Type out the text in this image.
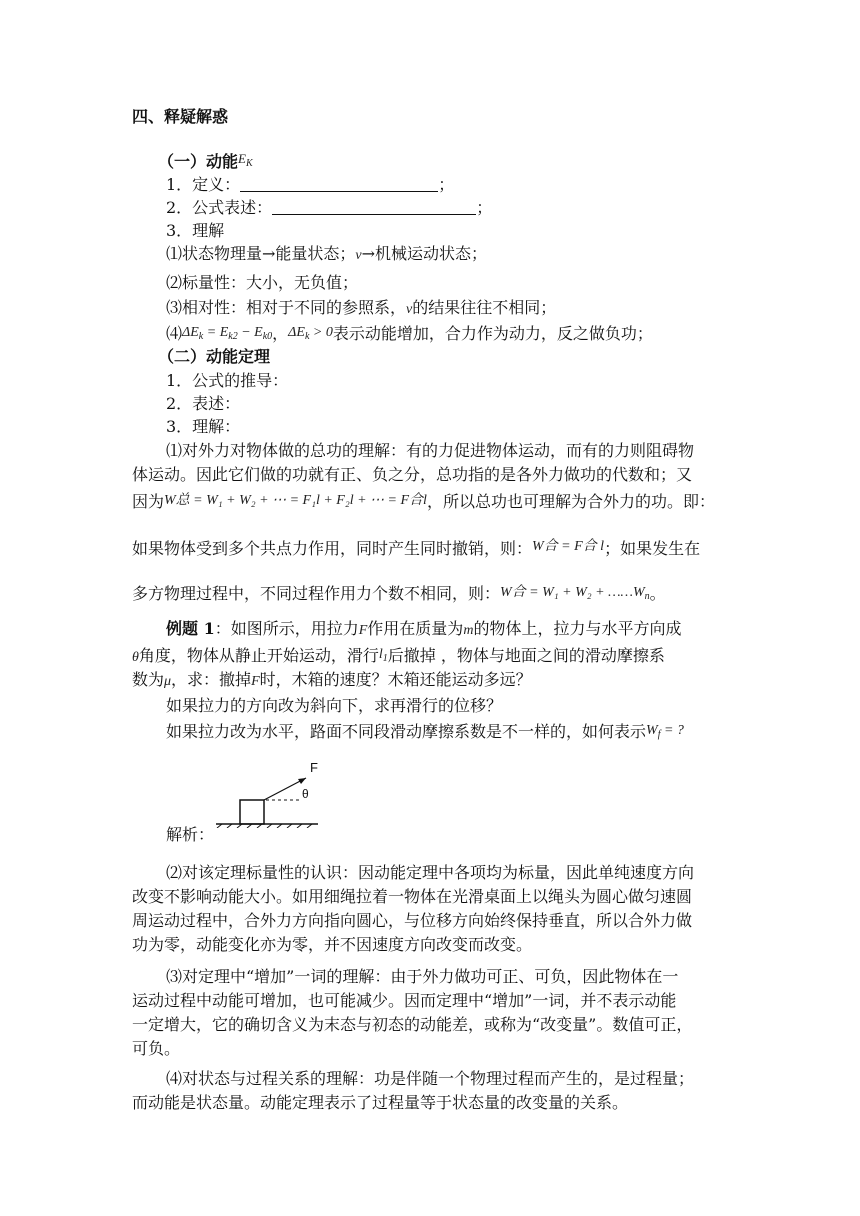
四、释疑解惑
（一）动能$^{E_K}$
1．定义：	；
2．公式表述：	；
3．理解
⑴状态物理量→能量状态；v→机械运动状态；
⑵标量性：大小，无负值；
⑶相对性：相对于不同的参照系，v的结果往往不相同；
$⑷\Delta E_k = E_{k2} - E_{k0}$，$\Delta E_k > 0$表示动能增加，合力作为动力，反之做负功；
（二）动能定理
1．公式的推导：
2．表述：
3．理解：
⑴对外力对物体做的总功的理解：有的力促进物体运动，而有的力则阻碍物
体运动。因此它们做的功就有正、负之分，总功指的是各外力做功的代数和；又
因为W总 = W₁ + W₂ + ⋯ = F₁l + F₂l + ⋯ = F合l，所以总功也可理解为合外力的功。即：
如果物体受到多个共点力作用，同时产生同时撤销，则：W合 = F合 l；如果发生在
多方物理过程中，不同过程作用力个数不相同，则：W合 = $W_1 + W_2 + \dots\dots W_n$。
例题 1：如图所示，用拉力F作用在质量为m的物体上，拉力与水平方向成
θ角度，物体从静止开始运动，滑行$l_1$后撤掉 ，物体与地面之间的滑动摩擦系
数为μ，求：撤掉F时，木箱的速度？木箱还能运动多远？
如果拉力的方向改为斜向下，求再滑行的位移？
如果拉力改为水平，路面不同段滑动摩擦系数是不一样的，如何表示$W_f$ = ?
F
θ
解析：
⑵对该定理标量性的认识：因动能定理中各项均为标量，因此单纯速度方向
改变不影响动能大小。如用细绳拉着一物体在光滑桌面上以绳头为圆心做匀速圆
周运动过程中，合外力方向指向圆心，与位移方向始终保持垂直，所以合外力做
功为零，动能变化亦为零，并不因速度方向改变而改变。
⑶对定理中“增加”一词的理解：由于外力做功可正、可负，因此物体在一
运动过程中动能可增加，也可能减少。因而定理中“增加”一词，并不表示动能
一定增大，它的确切含义为末态与初态的动能差，或称为“改变量”。数值可正，
可负。
⑷对状态与过程关系的理解：功是伴随一个物理过程而产生的，是过程量；
而动能是状态量。动能定理表示了过程量等于状态量的改变量的关系。
